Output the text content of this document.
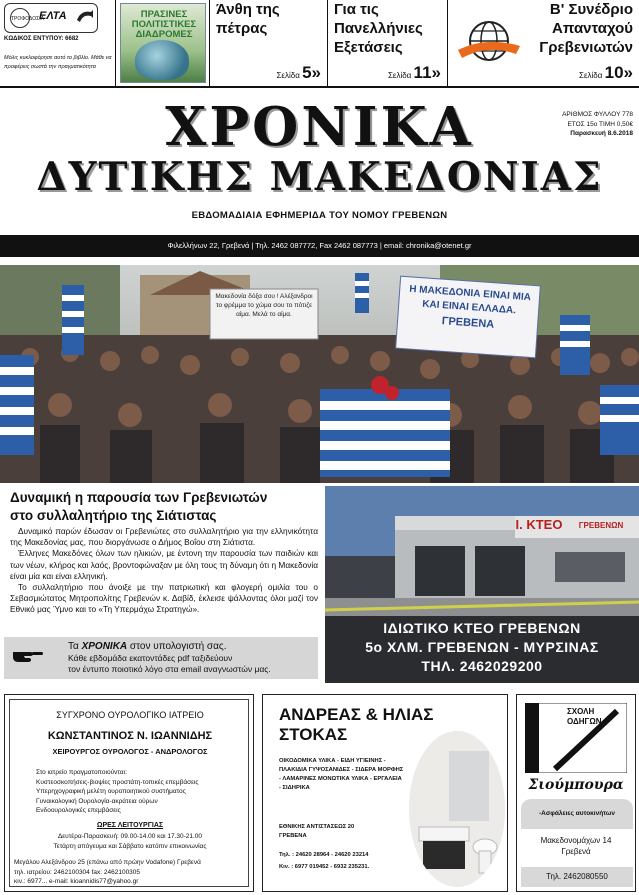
ΤΡΟΦΟΔΟΣΙΑ
ΕΛΤΑ
ΚΩΔΙΚΟΣ ΕΝΤΥΠΟΥ: 6682
Μόλις κυκλοφόρησε αυτό το βιβλίο. Μάθε να προφέρεις σωστά την πραγματικότητα
ΠΡΑΣΙΝΕΣ ΠΟΛΙΤΙΣΤΙΚΕΣ ΔΙΑΔΡΟΜΕΣ
Άνθη της πέτρας
Σελίδα 5»
Για τις Πανελλήνιες Εξετάσεις
Σελίδα 11»
Β' Συνέδριο Απανταχού Γρεβενιωτών
Σελίδα 10»
ΧΡΟΝΙΚΑ
ΔΥΤΙΚΗΣ ΜΑΚΕΔΟΝΙΑΣ
ΕΒΔΟΜΑΔΙΑΙΑ ΕΦΗΜΕΡΙΔΑ ΤΟΥ ΝΟΜΟΥ ΓΡΕΒΕΝΩΝ
ΑΡΙΘΜΟΣ ΦΥΛΛΟΥ 778
ΕΤΟΣ 15ο ΤΙΜΗ 0,50€
Παρασκευή 8.6.2018
Φιλελλήνων 22, Γρεβενά | Τηλ. 2462 087772, Fax 2462 087773 | email: chronika@otenet.gr
Μακεδονία δόξα σου ! Αλέξανδροι το φρέμμα το χώμα σου το πότιζε αίμα. Μελά το αίμα.
Η ΜΑΚΕΔΟΝΙΑ ΕΙΝΑΙ ΜΙΑ
ΚΑΙ ΕΙΝΑΙ ΕΛΛΑΔΑ.
ΓΡΕΒΕΝΑ
Δυναμική η παρουσία των Γρεβενιωτών
στο συλλαλητήριο της Σιάτιστας

Δυναμικό παρών έδωσαν οι Γρεβενιώτες στο συλλαλητήριο για την ελληνικότητα της Μακεδονίας μας, που διοργάνωσε ο Δήμος Βοΐου στη Σιάτιστα.

Έλληνες Μακεδόνες όλων των ηλικιών, με έντονη την παρουσία των παιδιών και των νέων, κλήρος και λαός, βροντοφώναξαν με όλη τους τη δύναμη ότι η Μακεδονία είναι μία και είναι ελληνική.

Το συλλαλητήριο που άνοιξε με την πατριωτική και φλογερή ομιλία του ο Σεβασμιώτατος Μητροπολίτης Γρεβενών κ. Δαβίδ, έκλεισε ψάλλοντας όλοι μαζί τον Εθνικό μας Ύμνο και το «Τη Υπερμάχω Στρατηγώ».

Τα ΧΡΟΝΙΚΑ στον υπολογιστή σας.
Κάθε εβδομάδα εκατοντάδες pdf ταξιδεύουν
τον έντυπο ποιοτικό λόγο στα email αναγνωστών μας.
Ι. ΚΤΕΟ	ΓΡΕΒΕΝΩΝ
ΙΔΙΩΤΙΚΟ ΚΤΕΟ ΓΡΕΒΕΝΩΝ
5ο ΧΛΜ. ΓΡΕΒΕΝΩΝ - ΜΥΡΣΙΝΑΣ
ΤΗΛ. 2462029200
ΣΥΓΧΡΟΝΟ ΟΥΡΟΛΟΓΙΚΟ ΙΑΤΡΕΙΟ
ΚΩΝΣΤΑΝΤΙΝΟΣ Ν. ΙΩΑΝΝΙΔΗΣ
ΧΕΙΡΟΥΡΓΟΣ ΟΥΡΟΛΟΓΟΣ - ΑΝΔΡΟΛΟΓΟΣ
Στο ιατρείο πραγματοποιούνται:
Κυστεοσκοπήσεις-βιοψίες προστάτη-τοπικές επεμβάσεις
Υπερηχογραφική μελέτη ουροποιητικού συστήματος
Γυναικολογική Ουρολογία-ακράτεια ούρων
Ενδοουρολογικές επεμβάσεις
ΩΡΕΣ ΛΕΙΤΟΥΡΓΙΑΣ
Δευτέρα-Παρασκευή: 09.00-14.00 και 17.30-21.00
Τετάρτη απόγευμα και Σάββατο κατόπιν επικοινωνίας
Μεγάλου Αλεξάνδρου 25 (επάνω από πρώην Vodafone) Γρεβενά
τηλ. ιατρείου: 2462100304 fax: 2462100305
κιν.: 6977... e-mail: kioannidis77@yahoo.gr
ΑΝΔΡΕΑΣ & ΗΛΙΑΣ
ΣΤΟΚΑΣ
ΟΙΚΟΔΟΜΙΚΑ ΥΛΙΚΑ - ΕΙΔΗ ΥΓΙΕΙΝΗΣ - ΠΛΑΚΙΔΙΑ ΓΥΨΟΣΑΝΙΔΕΣ - ΣΙΔΕΡΑ ΜΟΡΦΗΣ - ΛΑΜΑΡΙΝΕΣ ΜΟΝΩΤΙΚΑ ΥΛΙΚΑ - ΕΡΓΑΛΕΙΑ - ΣΙΔΗΡΙΚΑ
ΕΘΝΙΚΗΣ ΑΝΤΙΣΤΑΣΕΩΣ 20
ΓΡΕΒΕΝΑ
Τηλ. : 24620 28964 - 24620 23214
Κιν. : 6977 019452 - 6932 235231.
ΣΧΟΛΗ
ΟΔΗΓΩΝ
Σιούμπουρα
-Ασφάλειες αυτοκινήτων
Μακεδονομάχων 14
Γρεβενά
Τηλ. 2462080550
